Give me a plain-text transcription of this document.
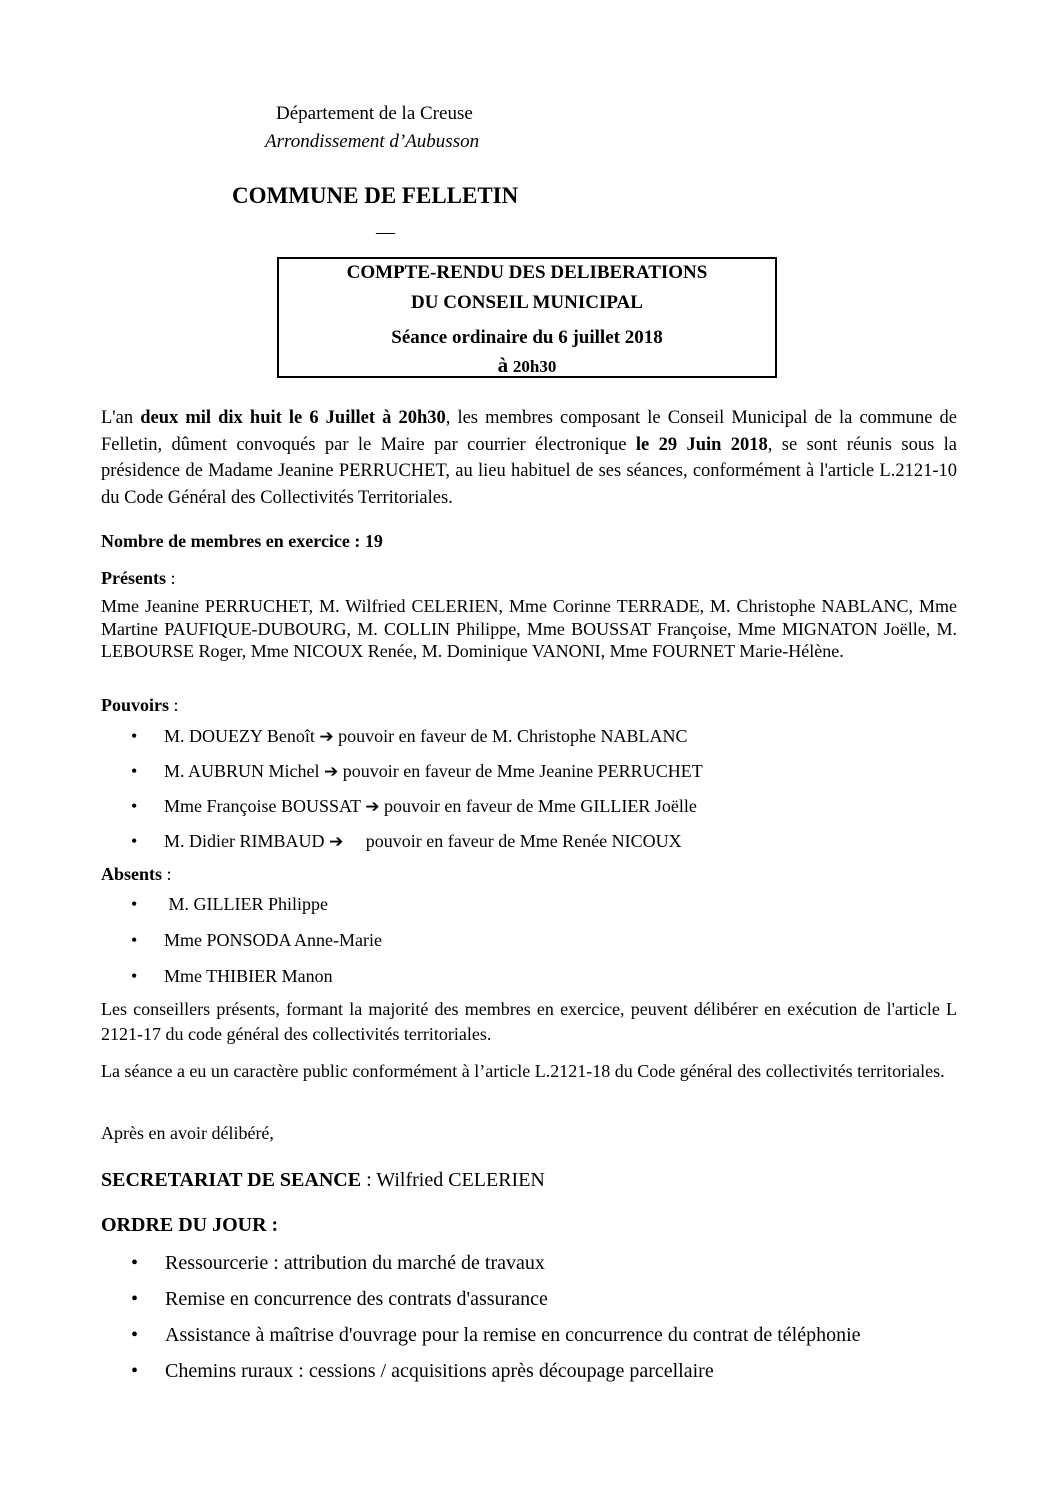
Département de la Creuse
Arrondissement d’Aubusson
COMMUNE DE FELLETIN
—
COMPTE-RENDU DES DELIBERATIONS
DU CONSEIL MUNICIPAL
Séance ordinaire du 6 juillet 2018
à 20h30
L'an deux mil dix huit le 6 Juillet à 20h30, les membres composant le Conseil Municipal de la commune de Felletin, dûment convoqués par le Maire par courrier électronique le 29 Juin 2018, se sont réunis sous la présidence de Madame Jeanine PERRUCHET, au lieu habituel de ses séances, conformément à l'article L.2121-10 du Code Général des Collectivités Territoriales.
Nombre de membres en exercice : 19
Présents :
Mme Jeanine PERRUCHET, M. Wilfried CELERIEN, Mme Corinne TERRADE, M. Christophe NABLANC, Mme Martine PAUFIQUE-DUBOURG, M. COLLIN Philippe, Mme BOUSSAT Françoise, Mme MIGNATON Joëlle, M. LEBOURSE Roger, Mme NICOUX Renée, M. Dominique VANONI, Mme FOURNET Marie-Hélène.
Pouvoirs :
• M. DOUEZY Benoît ➔ pouvoir en faveur de M. Christophe NABLANC
• M. AUBRUN Michel ➔ pouvoir en faveur de Mme Jeanine PERRUCHET
• Mme Françoise BOUSSAT ➔ pouvoir en faveur de Mme GILLIER Joëlle
• M. Didier RIMBAUD ➔     pouvoir en faveur de Mme Renée NICOUX
Absents :
• M. GILLIER Philippe
• Mme PONSODA Anne-Marie
• Mme THIBIER Manon
Les conseillers présents, formant la majorité des membres en exercice, peuvent délibérer en exécution de l'article L 2121-17 du code général des collectivités territoriales.
La séance a eu un caractère public conformément à l’article L.2121-18 du Code général des collectivités territoriales.
Après en avoir délibéré,
SECRETARIAT DE SEANCE : Wilfried CELERIEN
ORDRE DU JOUR :
• Ressourcerie : attribution du marché de travaux
• Remise en concurrence des contrats d'assurance
• Assistance à maîtrise d'ouvrage pour la remise en concurrence du contrat de téléphonie
• Chemins ruraux : cessions / acquisitions après découpage parcellaire
